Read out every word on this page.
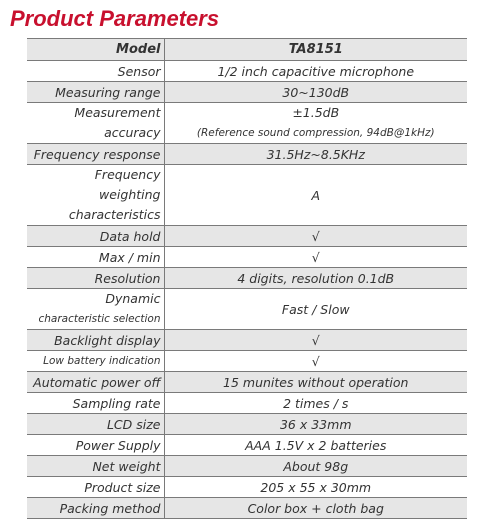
Product Parameters
Model	TA8151
Sensor	1/2 inch capacitive microphone
Measuring range	30~130dB

Measurement
accuracy	±1.5dB
(Reference sound compression, 94dB@1kHz)

Frequency response	31.5Hz~8.5KHz

Frequency weighting
characteristics	A
Data hold	√
Max / min	√
Resolution	4 digits, resolution 0.1dB

Dynamic
characteristic selection	Fast / Slow
Backlight display	√
Low battery indication	√
Automatic power off	15 munites without operation
Sampling rate	2 times / s
LCD size	36 x 33mm
Power Supply	AAA 1.5V x 2 batteries
Net weight	About 98g
Product size	205 x 55 x 30mm
Packing method	Color box + cloth bag
